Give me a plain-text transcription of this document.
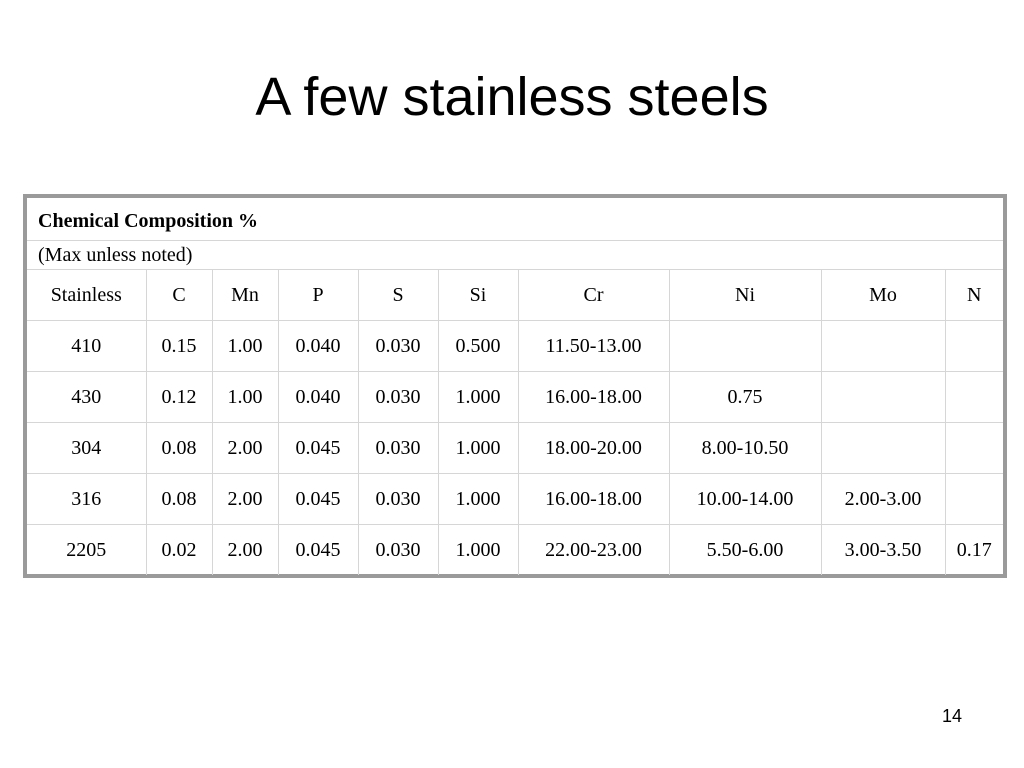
A few stainless steels
Chemical Composition %									
(Max unless noted)									
Stainless	C	Mn	P	S	Si	Cr	Ni	Mo	N
410	0.15	1.00	0.040	0.030	0.500	11.50-13.00			
430	0.12	1.00	0.040	0.030	1.000	16.00-18.00	0.75		
304	0.08	2.00	0.045	0.030	1.000	18.00-20.00	8.00-10.50		
316	0.08	2.00	0.045	0.030	1.000	16.00-18.00	10.00-14.00	2.00-3.00	
2205	0.02	2.00	0.045	0.030	1.000	22.00-23.00	5.50-6.00	3.00-3.50	0.17
14
